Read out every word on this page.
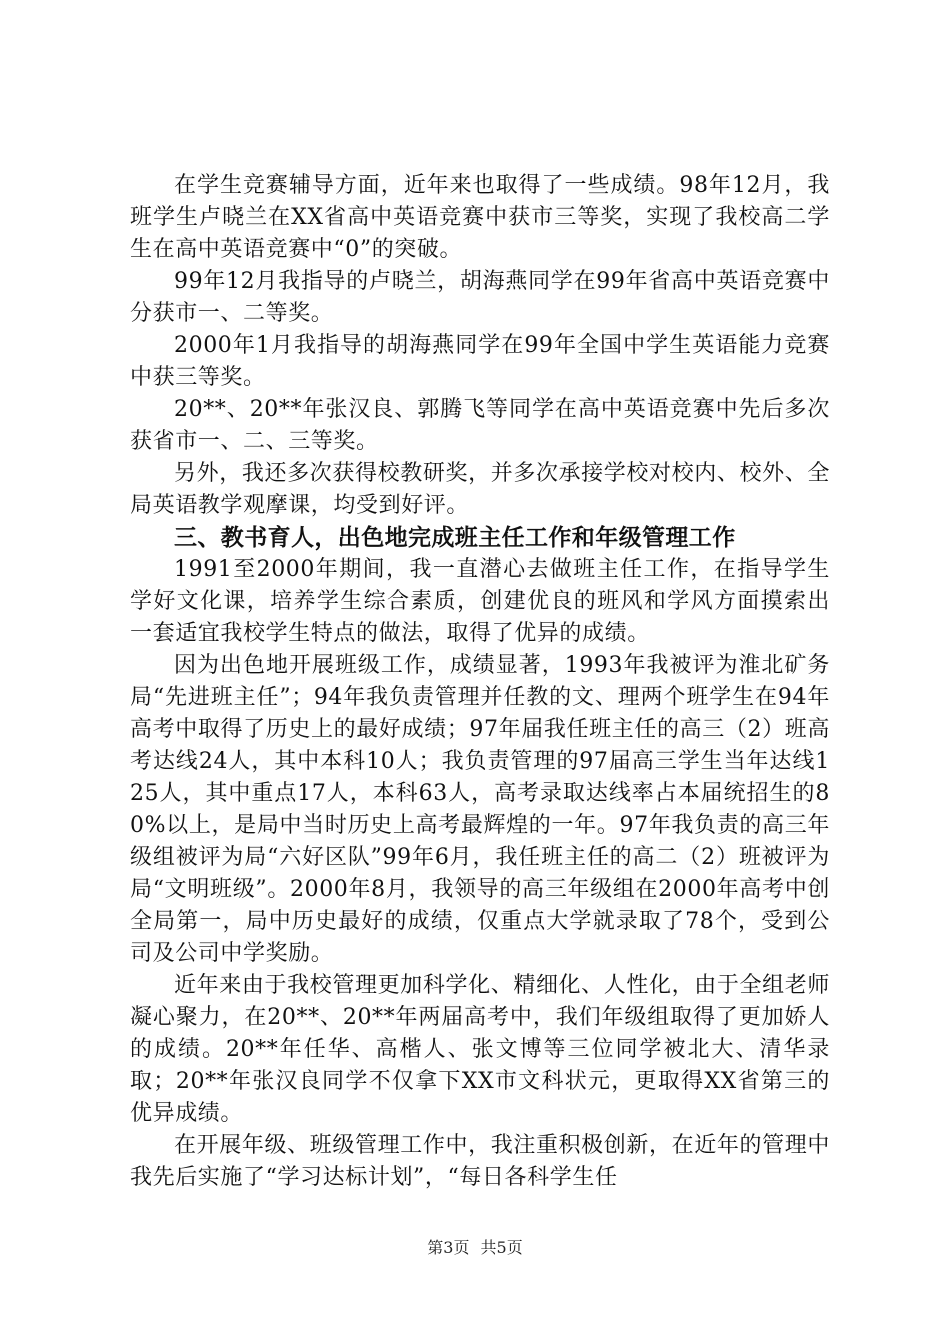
在学生竞赛辅导方面，近年来也取得了一些成绩。98年12月，我班学生卢晓兰在XX省高中英语竞赛中获市三等奖，实现了我校高二学生在高中英语竞赛中“0”的突破。

99年12月我指导的卢晓兰，胡海燕同学在99年省高中英语竞赛中分获市一、二等奖。

2000年1月我指导的胡海燕同学在99年全国中学生英语能力竞赛中获三等奖。

20**、20**年张汉良、郭腾飞等同学在高中英语竞赛中先后多次获省市一、二、三等奖。

另外，我还多次获得校教研奖，并多次承接学校对校内、校外、全局英语教学观摩课，均受到好评。

三、教书育人，出色地完成班主任工作和年级管理工作

1991至2000年期间，我一直潜心去做班主任工作，在指导学生学好文化课，培养学生综合素质，创建优良的班风和学风方面摸索出一套适宜我校学生特点的做法，取得了优异的成绩。

因为出色地开展班级工作，成绩显著，1993年我被评为淮北矿务局“先进班主任”；94年我负责管理并任教的文、理两个班学生在94年高考中取得了历史上的最好成绩；97年届我任班主任的高三（2）班高考达线24人，其中本科10人；我负责管理的97届高三学生当年达线125人，其中重点17人，本科63人，高考录取达线率占本届统招生的80%以上，是局中当时历史上高考最辉煌的一年。97年我负责的高三年级组被评为局“六好区队”99年6月，我任班主任的高二（2）班被评为局“文明班级”。2000年8月，我领导的高三年级组在2000年高考中创全局第一，局中历史最好的成绩，仅重点大学就录取了78个，受到公司及公司中学奖励。

近年来由于我校管理更加科学化、精细化、人性化，由于全组老师凝心聚力，在20**、20**年两届高考中，我们年级组取得了更加娇人的成绩。20**年任华、高楷人、张文博等三位同学被北大、清华录取；20**年张汉良同学不仅拿下XX市文科状元，更取得XX省第三的优异成绩。

在开展年级、班级管理工作中，我注重积极创新，在近年的管理中我先后实施了“学习达标计划”，“每日各科学生任

第3页 共5页
